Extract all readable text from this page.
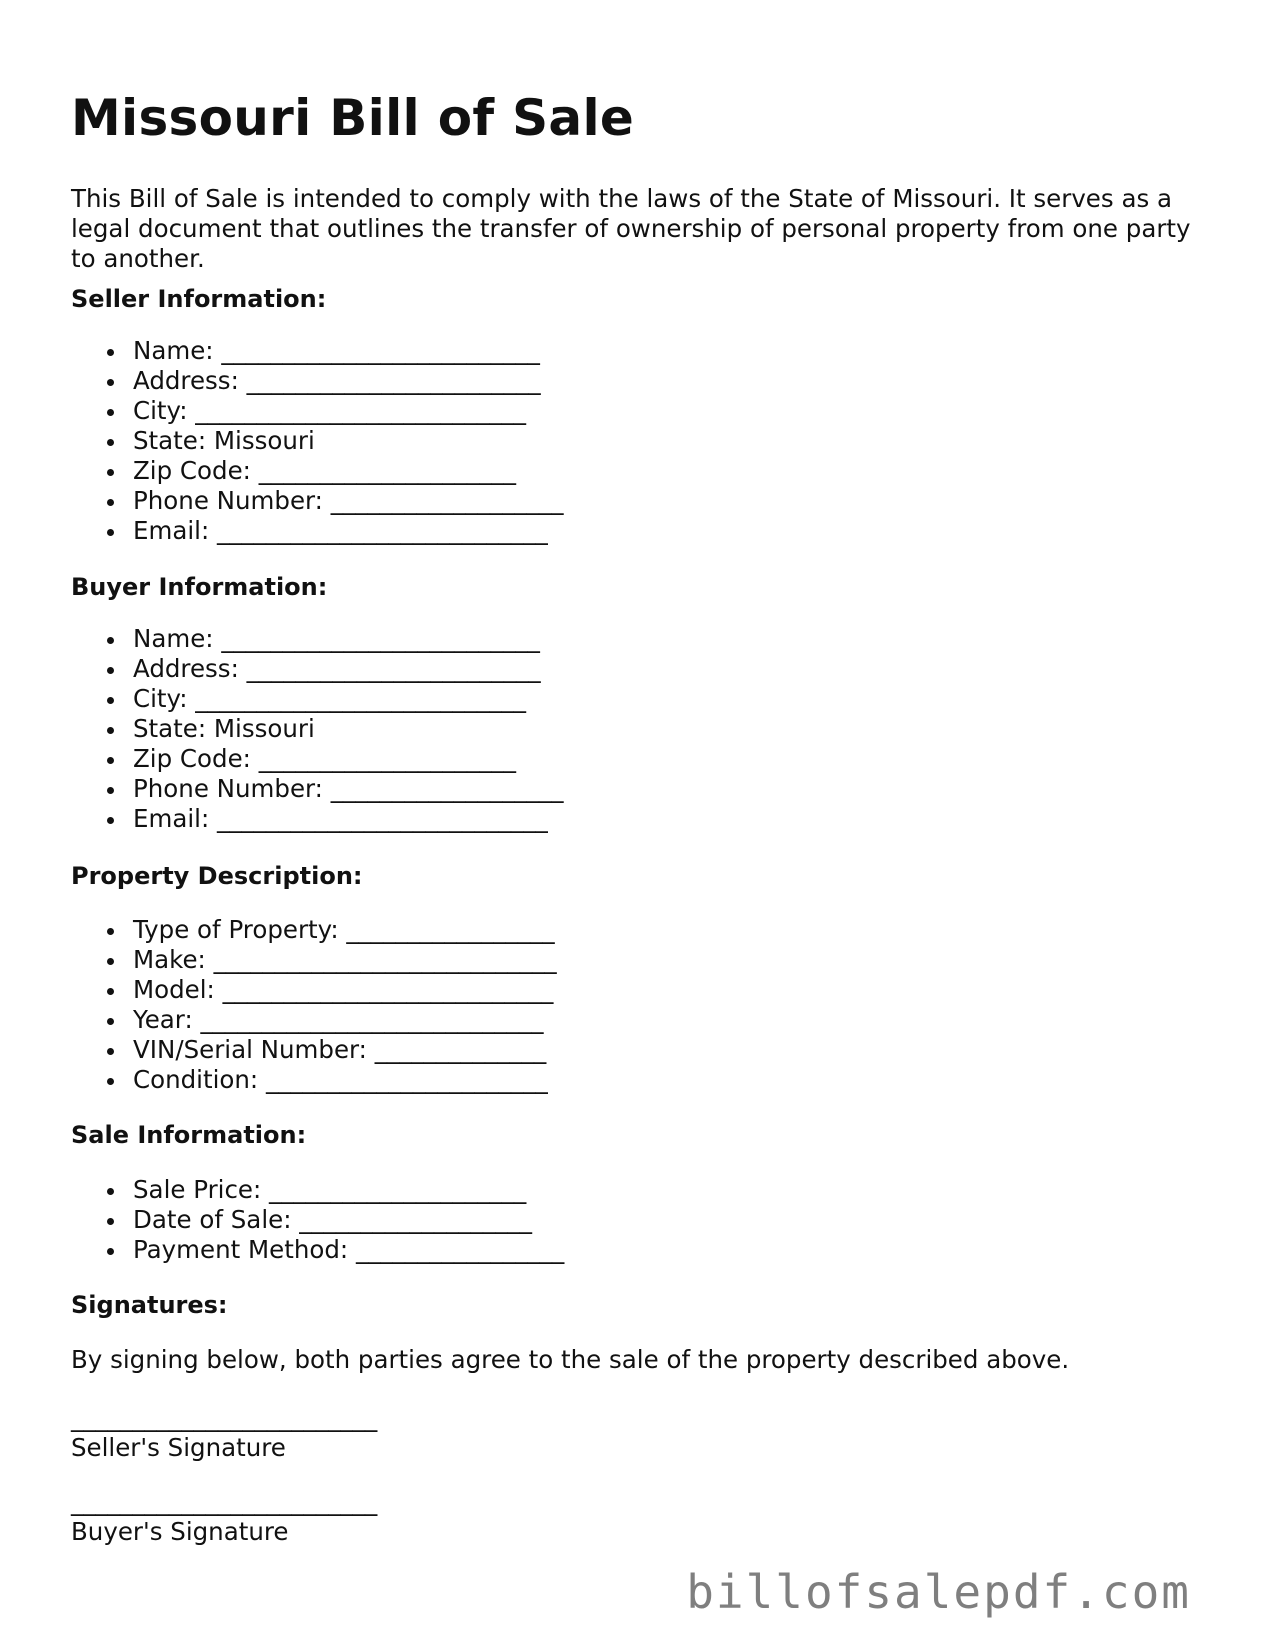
Missouri Bill of Sale

This Bill of Sale is intended to comply with the laws of the State of Missouri. It serves as a legal document that outlines the transfer of ownership of personal property from one party to another.

Seller Information:
Name: __________________________
Address: ________________________
City: ___________________________
State: Missouri
Zip Code: _____________________
Phone Number: ___________________
Email: ___________________________
Buyer Information:
Name: __________________________
Address: ________________________
City: ___________________________
State: Missouri
Zip Code: _____________________
Phone Number: ___________________
Email: ___________________________
Property Description:
Type of Property: _________________
Make: ____________________________
Model: ___________________________
Year: ____________________________
VIN/Serial Number: ______________
Condition: _______________________
Sale Information:
Sale Price: _____________________
Date of Sale: ___________________
Payment Method: _________________
Signatures:

By signing below, both parties agree to the sale of the property described above.

_________________________
Seller's Signature
_________________________
Buyer's Signature
billofsalepdf.com
